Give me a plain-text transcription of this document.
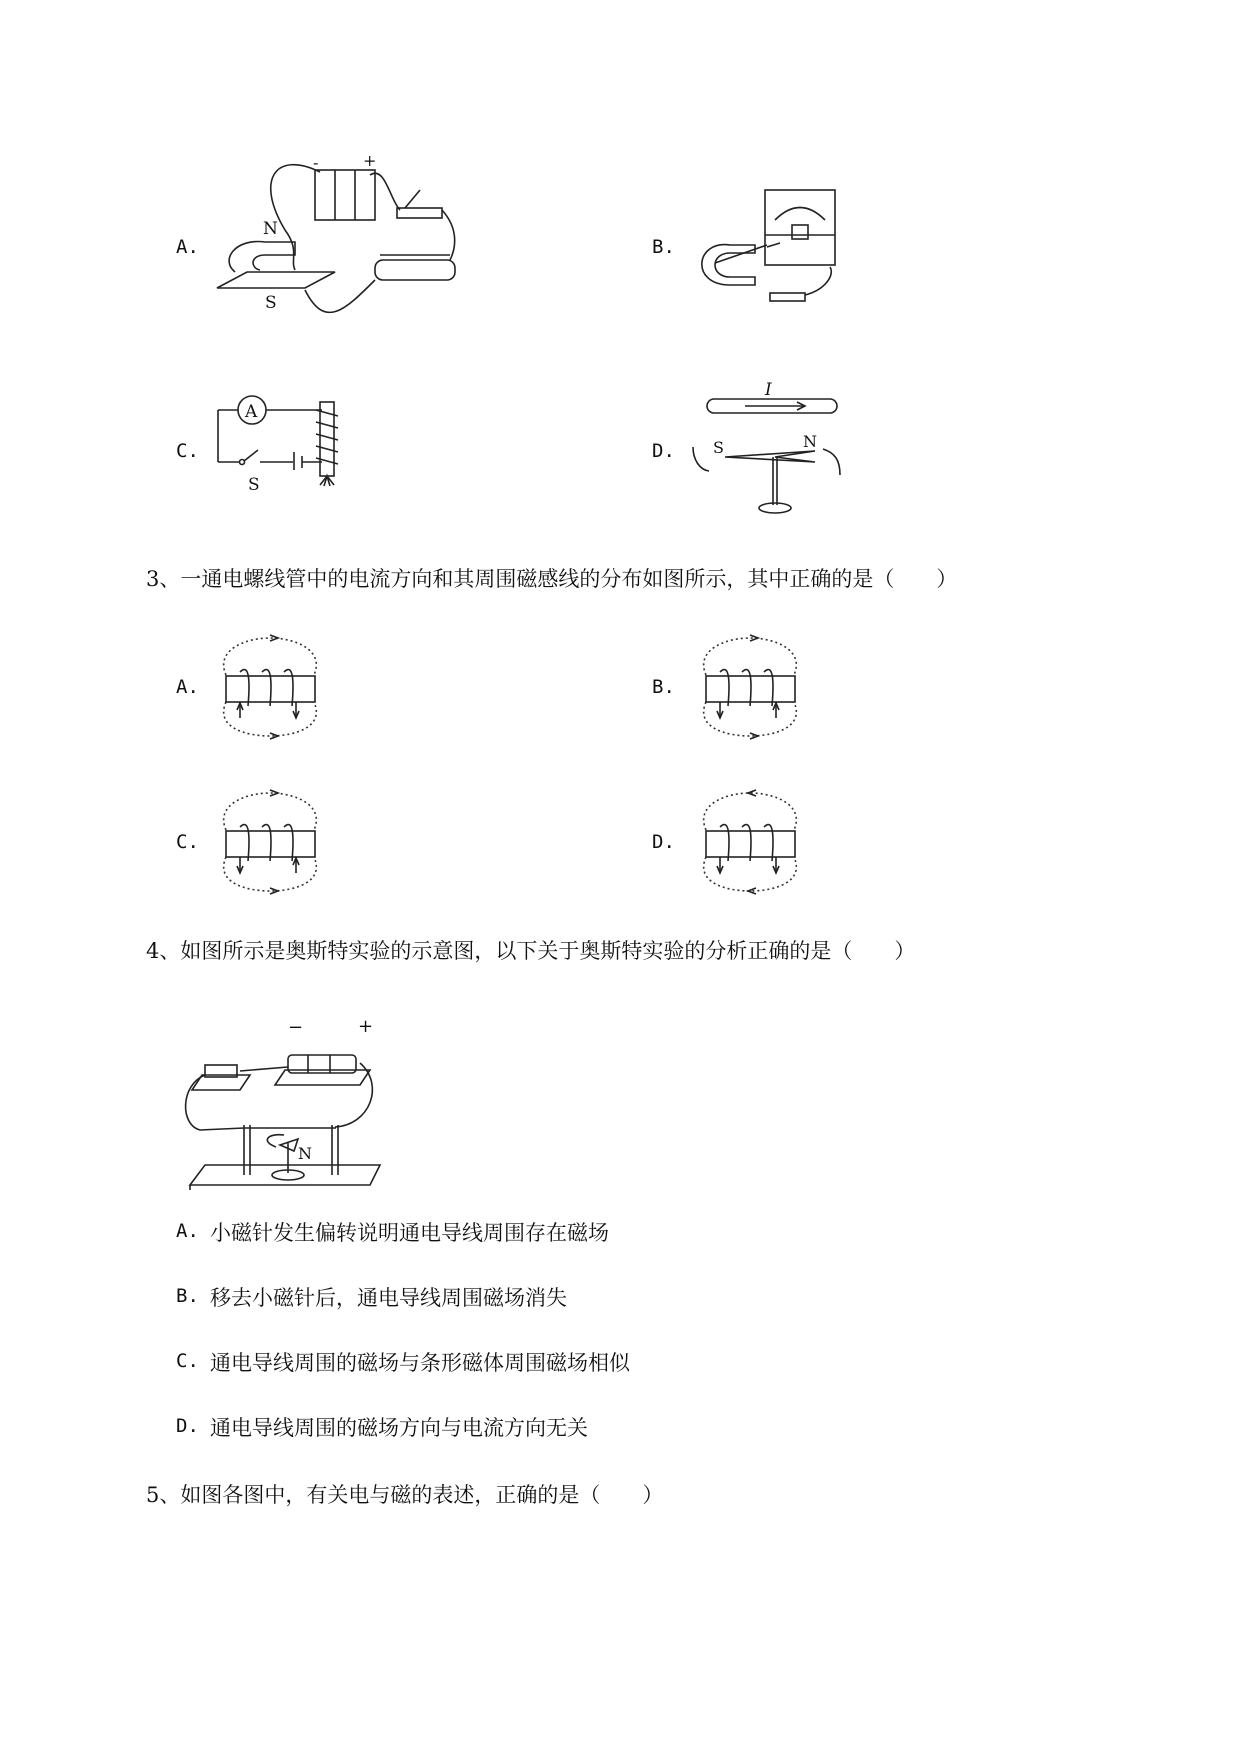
A.
-	+
N
S
B.
C.
A
S
D.
I
S	N
3、一通电螺线管中的电流方向和其周围磁感线的分布如图所示，其中正确的是（　　）
A.	B.
C.	D.
4、如图所示是奥斯特实验的示意图，以下关于奥斯特实验的分析正确的是（　　）
−	+
N
A. 小磁针发生偏转说明通电导线周围存在磁场
B. 移去小磁针后，通电导线周围磁场消失
C. 通电导线周围的磁场与条形磁体周围磁场相似
D. 通电导线周围的磁场方向与电流方向无关
5、如图各图中，有关电与磁的表述，正确的是（　　）
